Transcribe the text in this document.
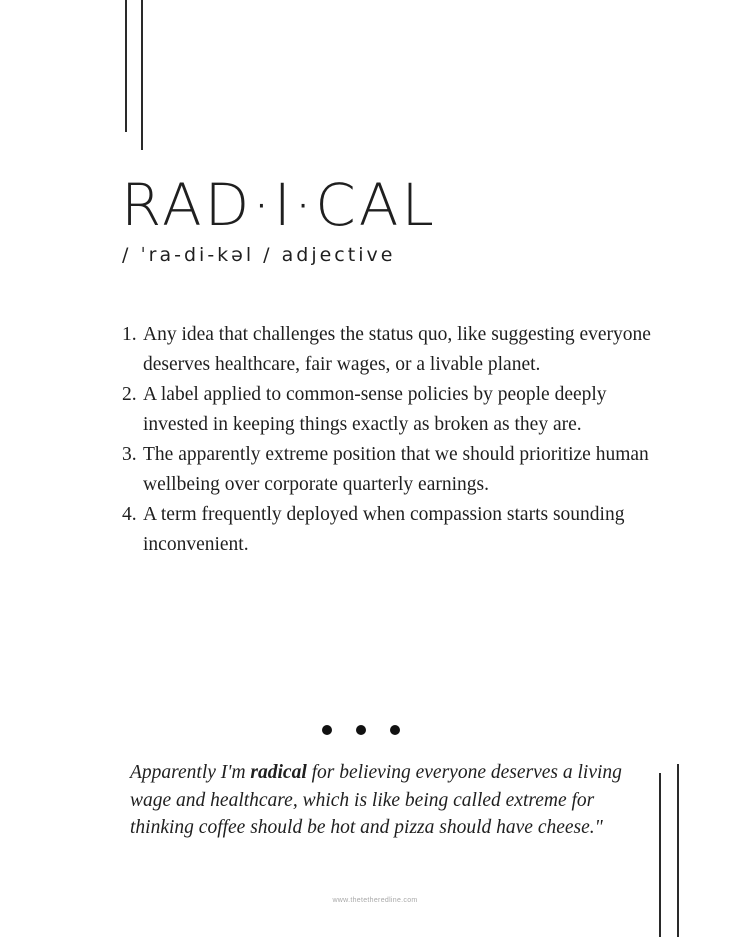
RAD·I·CAL
/ ˈra-di-kəl / adjective
1. Any idea that challenges the status quo, like suggesting everyone deserves healthcare, fair wages, or a livable planet.
2. A label applied to common-sense policies by people deeply invested in keeping things exactly as broken as they are.
3. The apparently extreme position that we should prioritize human wellbeing over corporate quarterly earnings.
4. A term frequently deployed when compassion starts sounding inconvenient.
Apparently I'm radical for believing everyone deserves a living wage and healthcare, which is like being called extreme for thinking coffee should be hot and pizza should have cheese."
www.thetetheredline.com
